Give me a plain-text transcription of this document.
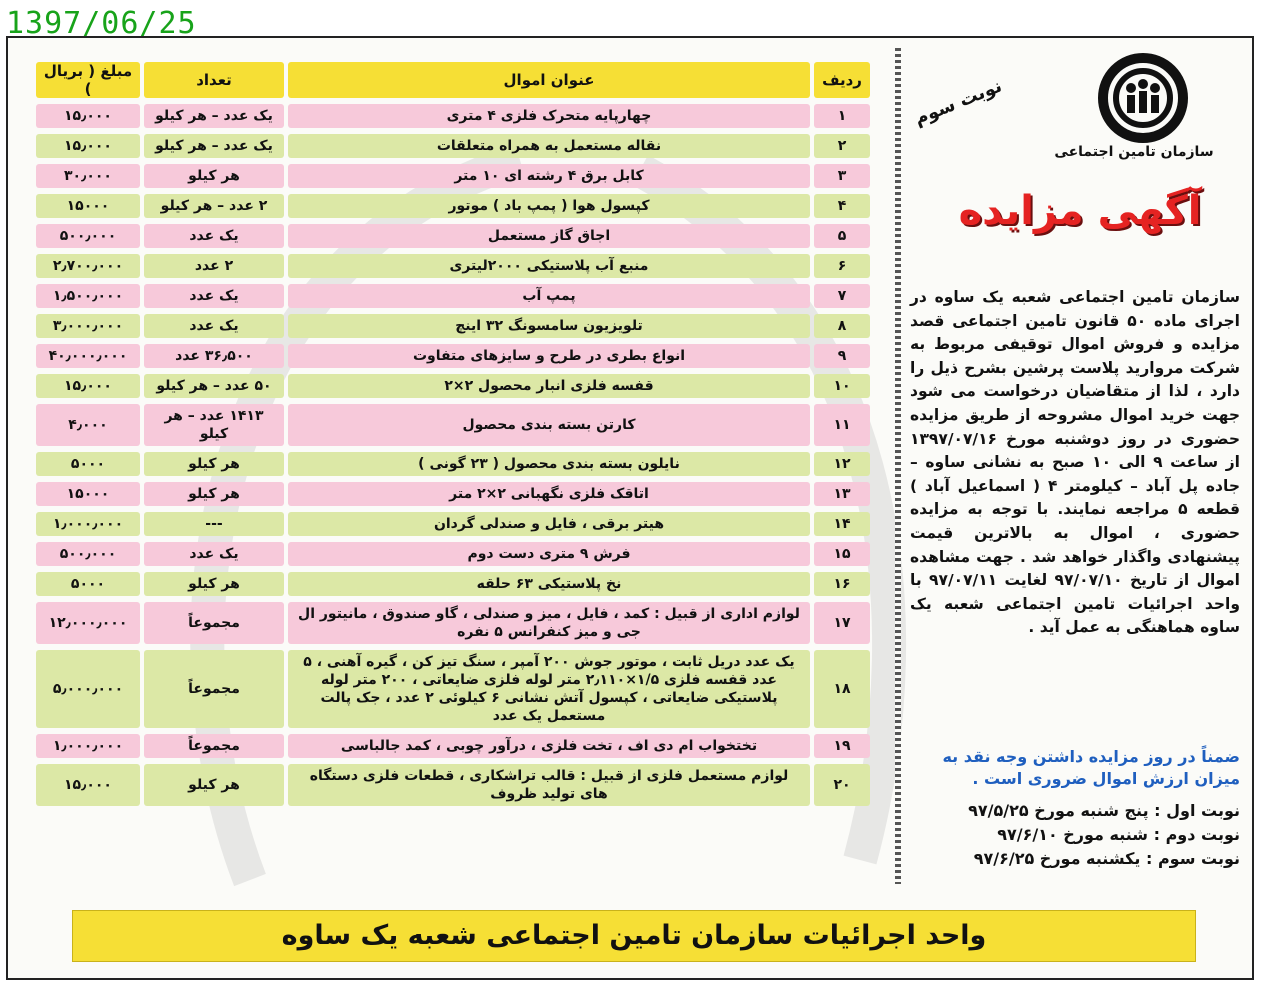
1397/06/25
ردیف	عنوان اموال	تعداد	مبلغ ( بریال )
۱	چهارپایه متحرک فلزی ۴ متری	یک عدد – هر کیلو	۱۵٫۰۰۰
۲	نقاله مستعمل به همراه متعلقات	یک عدد – هر کیلو	۱۵٫۰۰۰
۳	کابل برق ۴ رشته ای ۱۰ متر	هر کیلو	۳۰٫۰۰۰
۴	کپسول هوا ( پمپ باد ) موتور	۲ عدد – هر کیلو	۱۵۰۰۰
۵	اجاق گاز مستعمل	یک عدد	۵۰۰٫۰۰۰
۶	منبع آب پلاستیکی ۲۰۰۰لیتری	۲ عدد	۲٫۷۰۰٫۰۰۰
۷	پمپ آب	یک عدد	۱٫۵۰۰٫۰۰۰
۸	تلویزیون سامسونگ ۳۲ اینچ	یک عدد	۳٫۰۰۰٫۰۰۰
۹	انواع بطری در طرح و سایزهای متفاوت	۳۶٫۵۰۰ عدد	۴۰٫۰۰۰٫۰۰۰
۱۰	قفسه فلزی انبار محصول ۲×۲	۵۰ عدد – هر کیلو	۱۵٫۰۰۰
۱۱	کارتن بسته بندی محصول	۱۴۱۳ عدد – هر کیلو	۴٫۰۰۰
۱۲	نایلون بسته بندی محصول ( ۲۳ گونی )	هر کیلو	۵۰۰۰
۱۳	اتاقک فلزی نگهبانی ۲×۲ متر	هر کیلو	۱۵۰۰۰
۱۴	هیتر برقی ، فایل و صندلی گردان	---	۱٫۰۰۰٫۰۰۰
۱۵	فرش ۹ متری دست دوم	یک عدد	۵۰۰٫۰۰۰
۱۶	نخ پلاستیکی ۶۳ حلقه	هر کیلو	۵۰۰۰
۱۷	لوازم اداری از قبیل : کمد ، فایل ، میز و صندلی ، گاو صندوق ، مانیتور ال جی و میز کنفرانس ۵ نفره	مجموعاً	۱۲٫۰۰۰٫۰۰۰
۱۸	یک عدد دریل ثابت ، موتور جوش ۲۰۰ آمپر ، سنگ تیز کن ، گیره آهنی ، ۵ عدد قفسه فلزی ۱/۵×۲٫۱۱۰ متر لوله فلزی ضایعاتی ، ۲۰۰ متر لوله پلاستیکی ضایعاتی ، کپسول آتش نشانی ۶ کیلوئی ۲ عدد ، جک پالت مستعمل یک عدد	مجموعاً	۵٫۰۰۰٫۰۰۰
۱۹	تختخواب ام دی اف ، تخت فلزی ، درآور چوبی ، کمد جالباسی	مجموعاً	۱٫۰۰۰٫۰۰۰
۲۰	لوازم مستعمل فلزی از قبیل : قالب تراشکاری ، قطعات فلزی دستگاه های تولید ظروف	هر کیلو	۱۵٫۰۰۰
سازمان تامین اجتماعی
نوبت سوم
آگهی مزایده
سازمان تامین اجتماعی شعبه یک ساوه در اجرای ماده ۵۰ قانون تامین اجتماعی قصد مزایده و فروش اموال توقیفی مربوط به شرکت مروارید پلاست پرشین بشرح ذیل را دارد ، لذا از متقاضیان درخواست می شود جهت خرید اموال مشروحه از طریق مزایده حضوری در روز دوشنبه مورخ ۱۳۹۷/۰۷/۱۶ از ساعت ۹ الی ۱۰ صبح به نشانی ساوه – جاده پل آباد – کیلومتر ۴ ( اسماعیل آباد ) قطعه ۵ مراجعه نمایند. با توجه به مزایده حضوری ، اموال به بالاترین قیمت پیشنهادی واگذار خواهد شد . جهت مشاهده اموال از تاریخ ۹۷/۰۷/۱۰ لغایت ۹۷/۰۷/۱۱ با واحد اجرائیات تامین اجتماعی شعبه یک ساوه هماهنگی به عمل آید .
ضمناً در روز مزایده داشتن وجه نقد به میزان ارزش اموال ضروری است .
نوبت اول : پنج شنبه مورخ ۹۷/۵/۲۵
نوبت دوم : شنبه مورخ ۹۷/۶/۱۰
نوبت سوم : یکشنبه مورخ ۹۷/۶/۲۵
واحد اجرائیات سازمان تامین اجتماعی شعبه یک ساوه
